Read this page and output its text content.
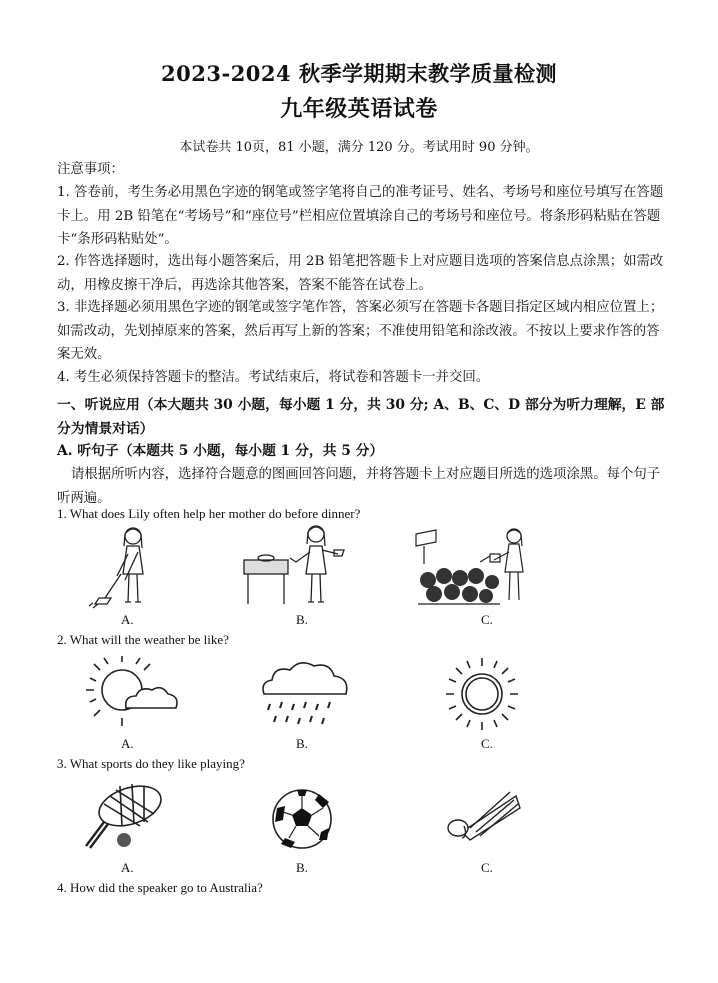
2023-2024 秋季学期期末教学质量检测
九年级英语试卷
本试卷共 10页，81 小题，满分 120 分。考试用时 90 分钟。
注意事项：
1. 答卷前，考生务必用黑色字迹的钢笔或签字笔将自己的准考证号、姓名、考场号和座位号填写在答题卡上。用 2B 铅笔在“考场号”和“座位号”栏相应位置填涂自己的考场号和座位号。将条形码粘贴在答题卡“条形码粘贴处”。
2. 作答选择题时，选出每小题答案后，用 2B 铅笔把答题卡上对应题目选项的答案信息点涂黑；如需改动，用橡皮擦干净后，再选涂其他答案，答案不能答在试卷上。
3. 非选择题必须用黑色字迹的钢笔或签字笔作答，答案必须写在答题卡各题目指定区域内相应位置上；如需改动，先划掉原来的答案，然后再写上新的答案；不准使用铅笔和涂改液。不按以上要求作答的答案无效。
4. 考生必须保持答题卡的整洁。考试结束后，将试卷和答题卡一并交回。
一、听说应用（本大题共 30 小题，每小题 1 分，共 30 分; A、B、C、D 部分为听力理解，E 部分为情景对话）
A. 听句子（本题共 5 小题，每小题 1 分，共 5 分）
请根据所听内容，选择符合题意的图画回答问题，并将答题卡上对应题目所选的选项涂黑。每个句子听两遍。
1. What does Lily often help her mother do before dinner?
A.	B.	C.
2. What will the weather be like?
A.	B.	C.
3. What sports do they like playing?
A.	B.	C.
4. How did the speaker go to Australia?
